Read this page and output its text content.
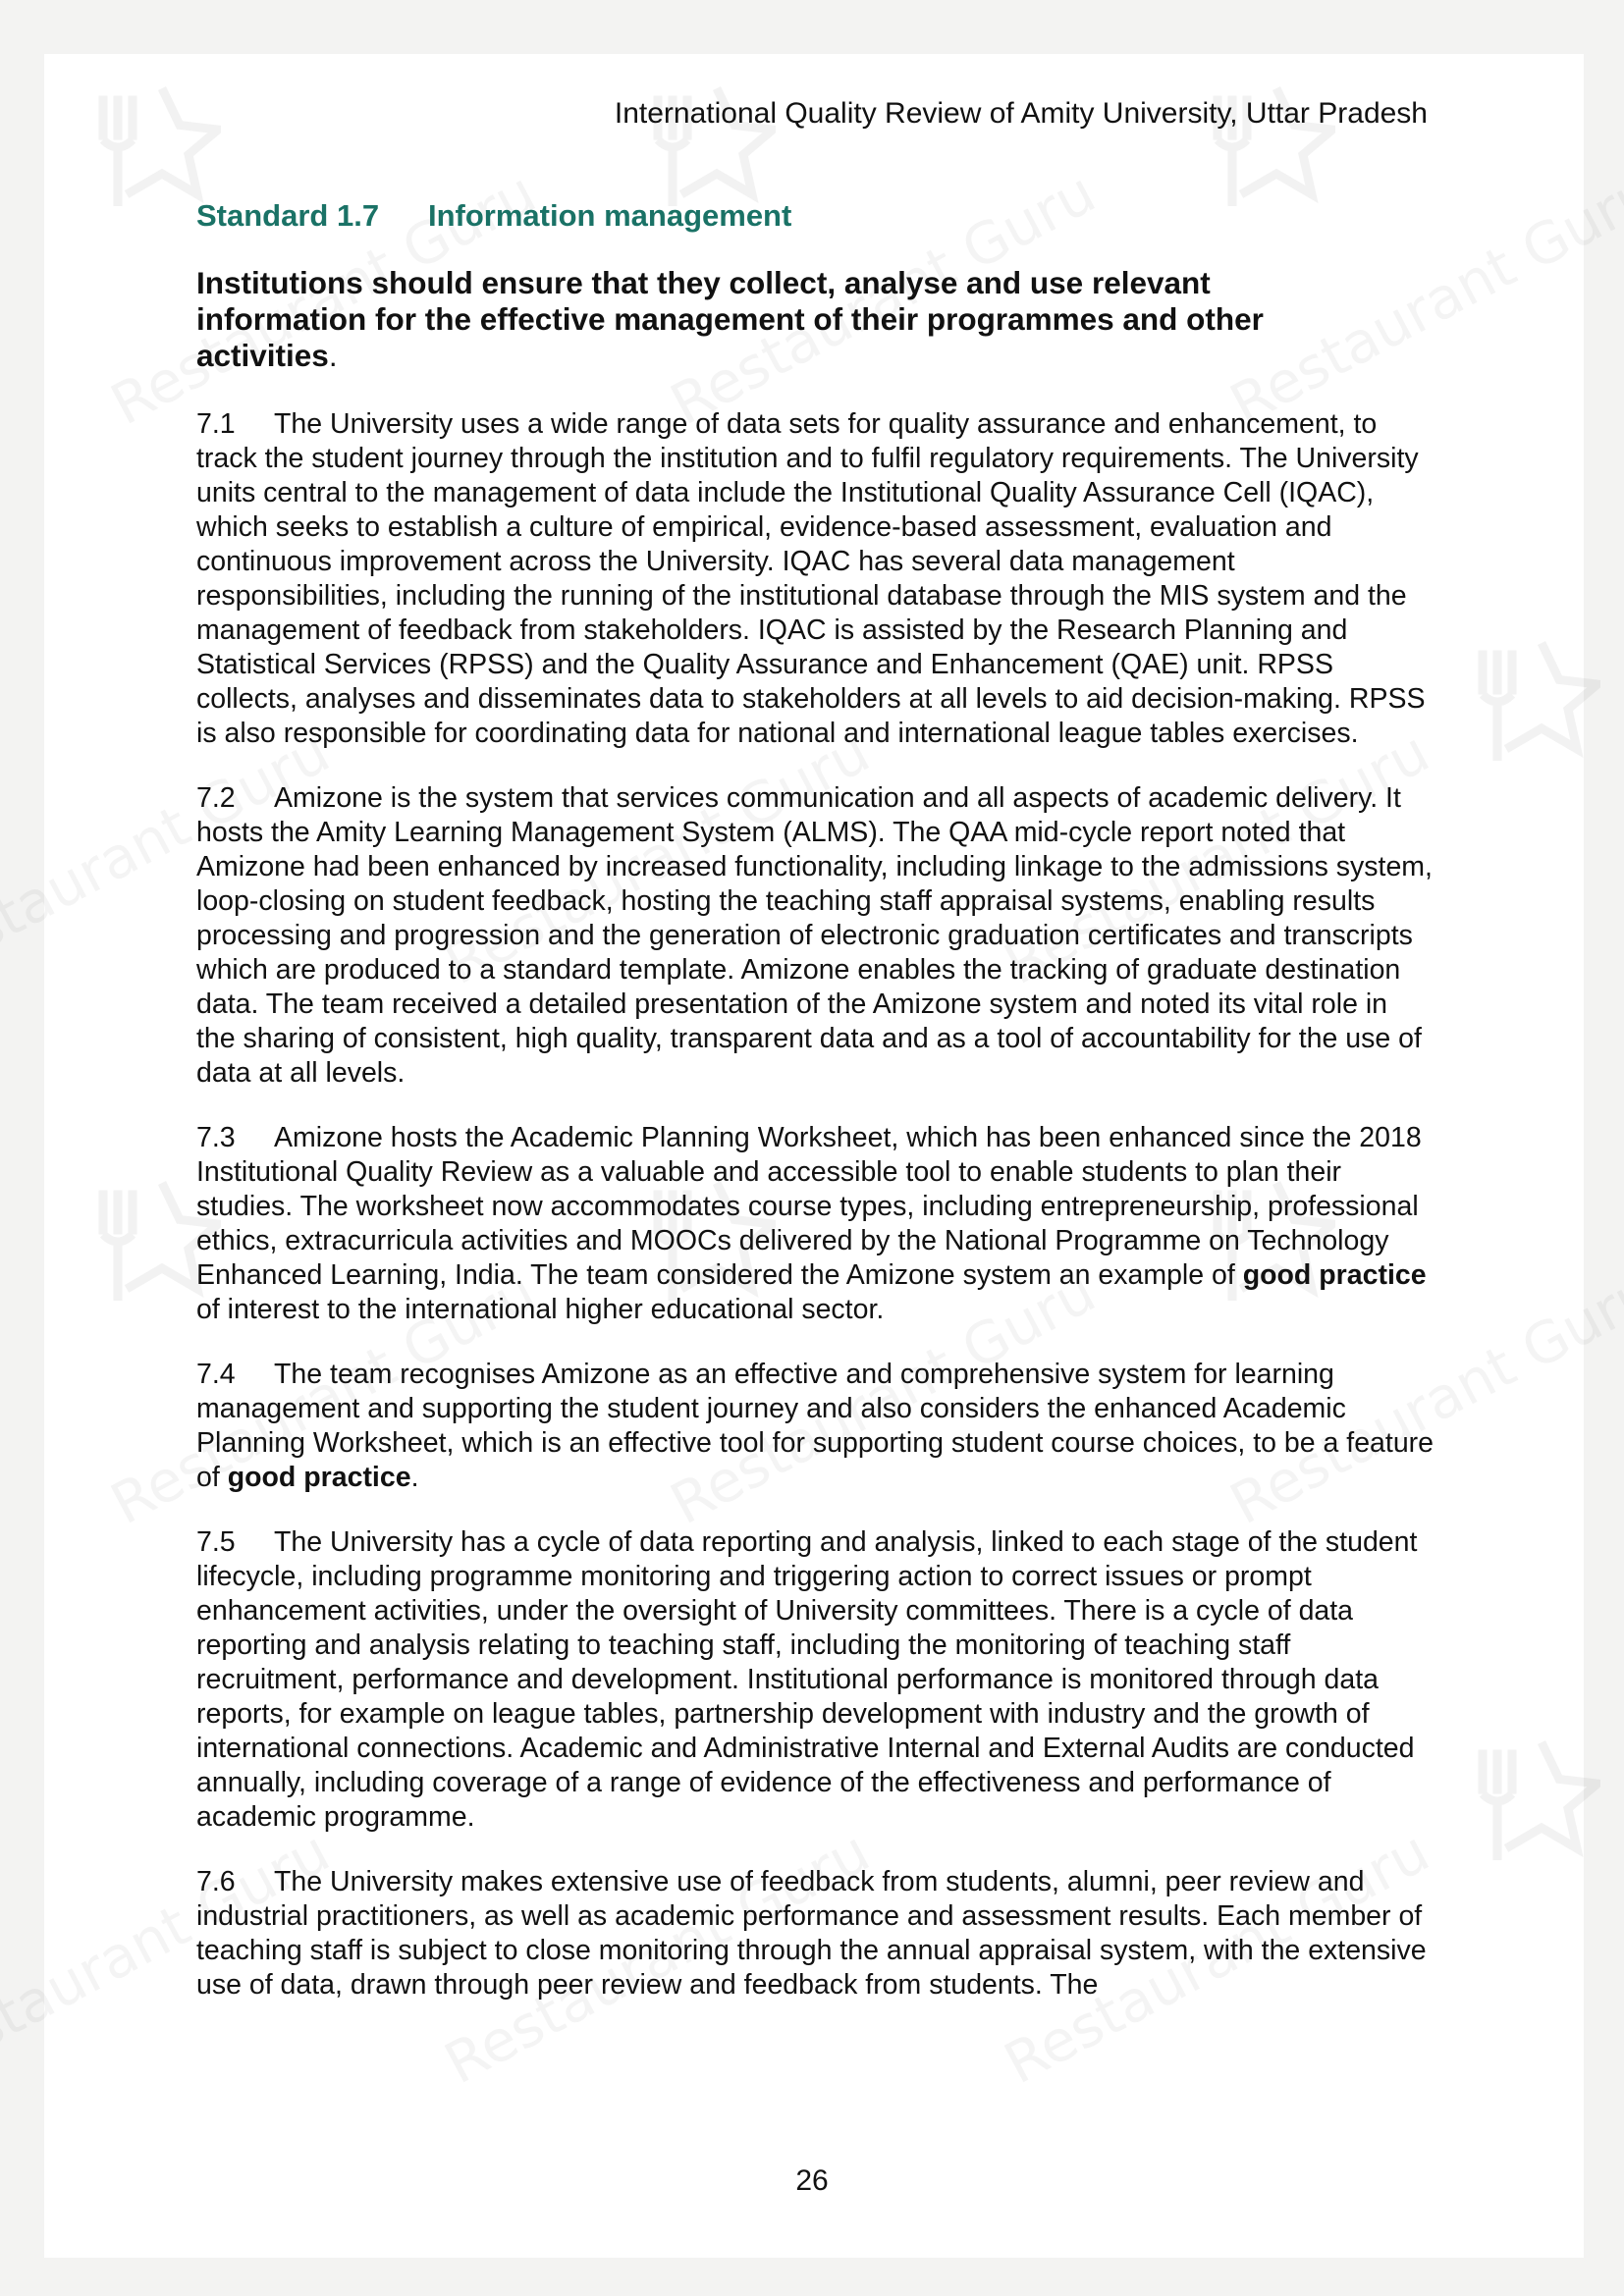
International Quality Review of Amity University, Uttar Pradesh
Standard 1.7 Information management

Institutions should ensure that they collect, analyse and use relevant information for the effective management of their programmes and other activities.

7.1 The University uses a wide range of data sets for quality assurance and enhancement, to track the student journey through the institution and to fulfil regulatory requirements. The University units central to the management of data include the Institutional Quality Assurance Cell (IQAC), which seeks to establish a culture of empirical, evidence-based assessment, evaluation and continuous improvement across the University. IQAC has several data management responsibilities, including the running of the institutional database through the MIS system and the management of feedback from stakeholders. IQAC is assisted by the Research Planning and Statistical Services (RPSS) and the Quality Assurance and Enhancement (QAE) unit. RPSS collects, analyses and disseminates data to stakeholders at all levels to aid decision-making. RPSS is also responsible for coordinating data for national and international league tables exercises.

7.2 Amizone is the system that services communication and all aspects of academic delivery. It hosts the Amity Learning Management System (ALMS). The QAA mid-cycle report noted that Amizone had been enhanced by increased functionality, including linkage to the admissions system, loop-closing on student feedback, hosting the teaching staff appraisal systems, enabling results processing and progression and the generation of electronic graduation certificates and transcripts which are produced to a standard template. Amizone enables the tracking of graduate destination data. The team received a detailed presentation of the Amizone system and noted its vital role in the sharing of consistent, high quality, transparent data and as a tool of accountability for the use of data at all levels.

7.3 Amizone hosts the Academic Planning Worksheet, which has been enhanced since the 2018 Institutional Quality Review as a valuable and accessible tool to enable students to plan their studies. The worksheet now accommodates course types, including entrepreneurship, professional ethics, extracurricula activities and MOOCs delivered by the National Programme on Technology Enhanced Learning, India. The team considered the Amizone system an example of good practice of interest to the international higher educational sector.

7.4 The team recognises Amizone as an effective and comprehensive system for learning management and supporting the student journey and also considers the enhanced Academic Planning Worksheet, which is an effective tool for supporting student course choices, to be a feature of good practice.

7.5 The University has a cycle of data reporting and analysis, linked to each stage of the student lifecycle, including programme monitoring and triggering action to correct issues or prompt enhancement activities, under the oversight of University committees. There is a cycle of data reporting and analysis relating to teaching staff, including the monitoring of teaching staff recruitment, performance and development. Institutional performance is monitored through data reports, for example on league tables, partnership development with industry and the growth of international connections. Academic and Administrative Internal and External Audits are conducted annually, including coverage of a range of evidence of the effectiveness and performance of academic programme.

7.6 The University makes extensive use of feedback from students, alumni, peer review and industrial practitioners, as well as academic performance and assessment results. Each member of teaching staff is subject to close monitoring through the annual appraisal system, with the extensive use of data, drawn through peer review and feedback from students. The

26
